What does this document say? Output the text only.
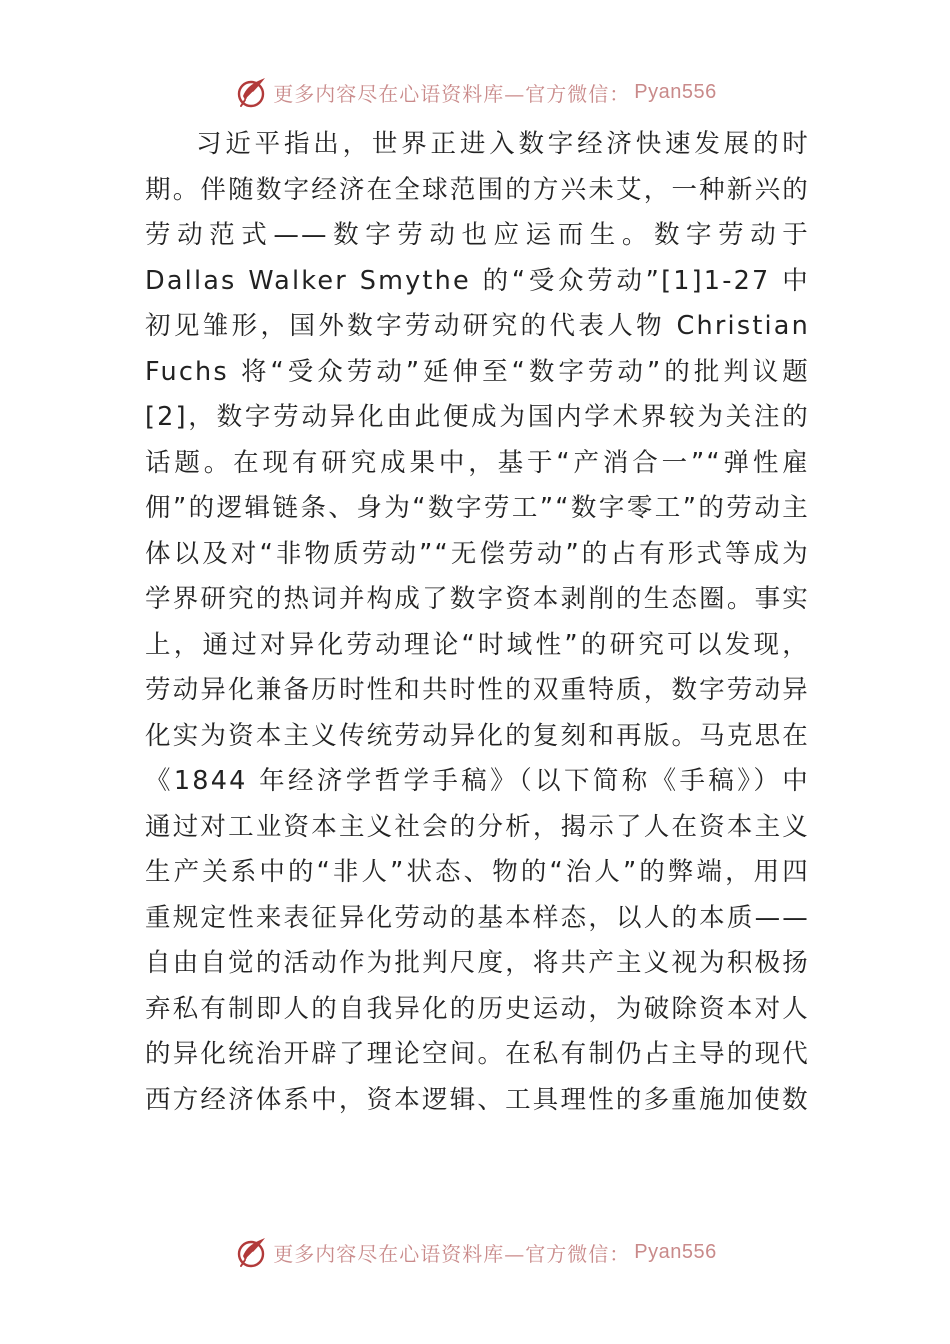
更多内容尽在心语资料库—官方微信： Pyan556

习近平指出，世界正进入数字经济快速发展的时期。伴随数字经济在全球范围的方兴未艾，一种新兴的劳动范式——数字劳动也应运而生。数字劳动于Dallas Walker Smythe 的“受众劳动”[1]1-27 中初见雏形，国外数字劳动研究的代表人物 Christian Fuchs 将“受众劳动”延伸至“数字劳动”的批判议题[2]，数字劳动异化由此便成为国内学术界较为关注的话题。在现有研究成果中，基于“产消合一”“弹性雇佣”的逻辑链条、身为“数字劳工”“数字零工”的劳动主体以及对“非物质劳动”“无偿劳动”的占有形式等成为学界研究的热词并构成了数字资本剥削的生态圈。事实上，通过对异化劳动理论“时域性”的研究可以发现，劳动异化兼备历时性和共时性的双重特质，数字劳动异化实为资本主义传统劳动异化的复刻和再版。马克思在《1844 年经济学哲学手稿》（以下简称《手稿》）中通过对工业资本主义社会的分析，揭示了人在资本主义生产关系中的“非人”状态、物的“治人”的弊端，用四重规定性来表征异化劳动的基本样态，以人的本质——自由自觉的活动作为批判尺度，将共产主义视为积极扬弃私有制即人的自我异化的历史运动，为破除资本对人的异化统治开辟了理论空间。在私有制仍占主导的现代西方经济体系中，资本逻辑、工具理性的多重施加使数

更多内容尽在心语资料库—官方微信： Pyan556
